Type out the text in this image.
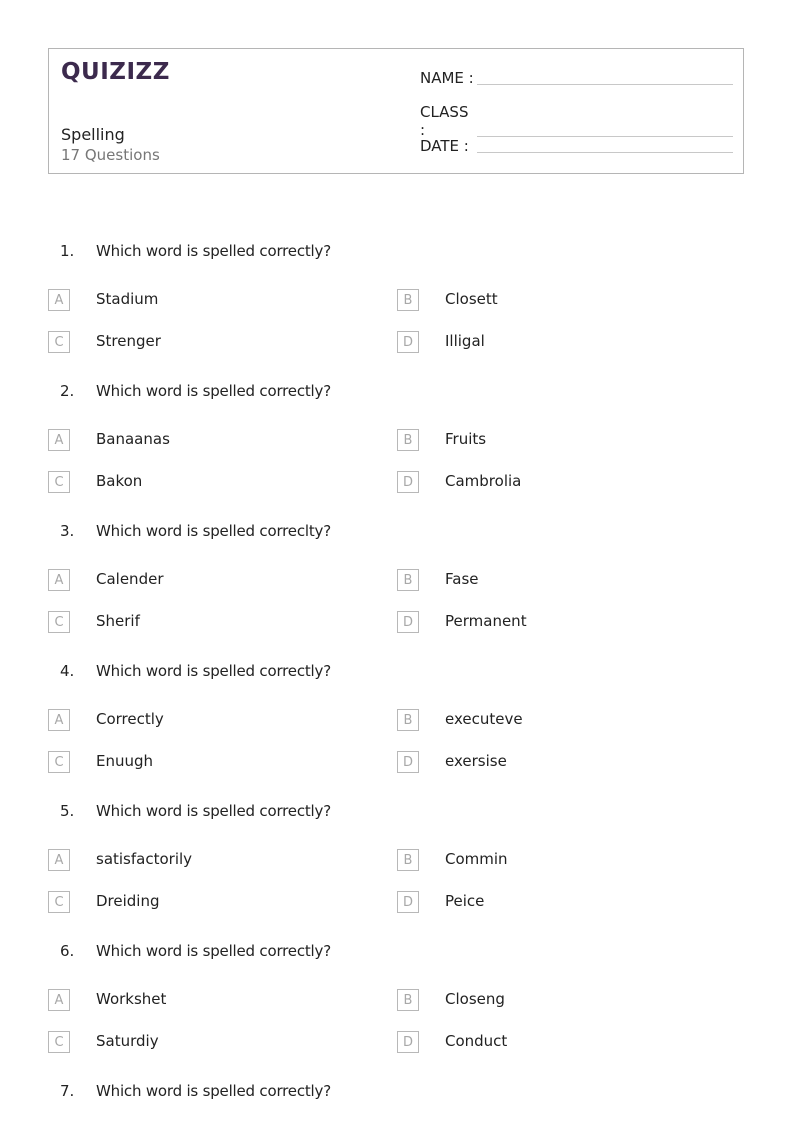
QUIZIZZ
Spelling
17 Questions
NAME :
CLASS :
DATE :
1. Which word is spelled correctly?
A	Stadium	B	Closett
C	Strenger	D	Illigal
2. Which word is spelled correctly?
A	Banaanas	B	Fruits
C	Bakon	D	Cambrolia
3. Which word is spelled correclty?
A	Calender	B	Fase
C	Sherif	D	Permanent
4. Which word is spelled correctly?
A	Correctly	B	executeve
C	Enuugh	D	exersise
5. Which word is spelled correctly?
A	satisfactorily	B	Commin
C	Dreiding	D	Peice
6. Which word is spelled correctly?
A	Workshet	B	Closeng
C	Saturdiy	D	Conduct
7. Which word is spelled correctly?
